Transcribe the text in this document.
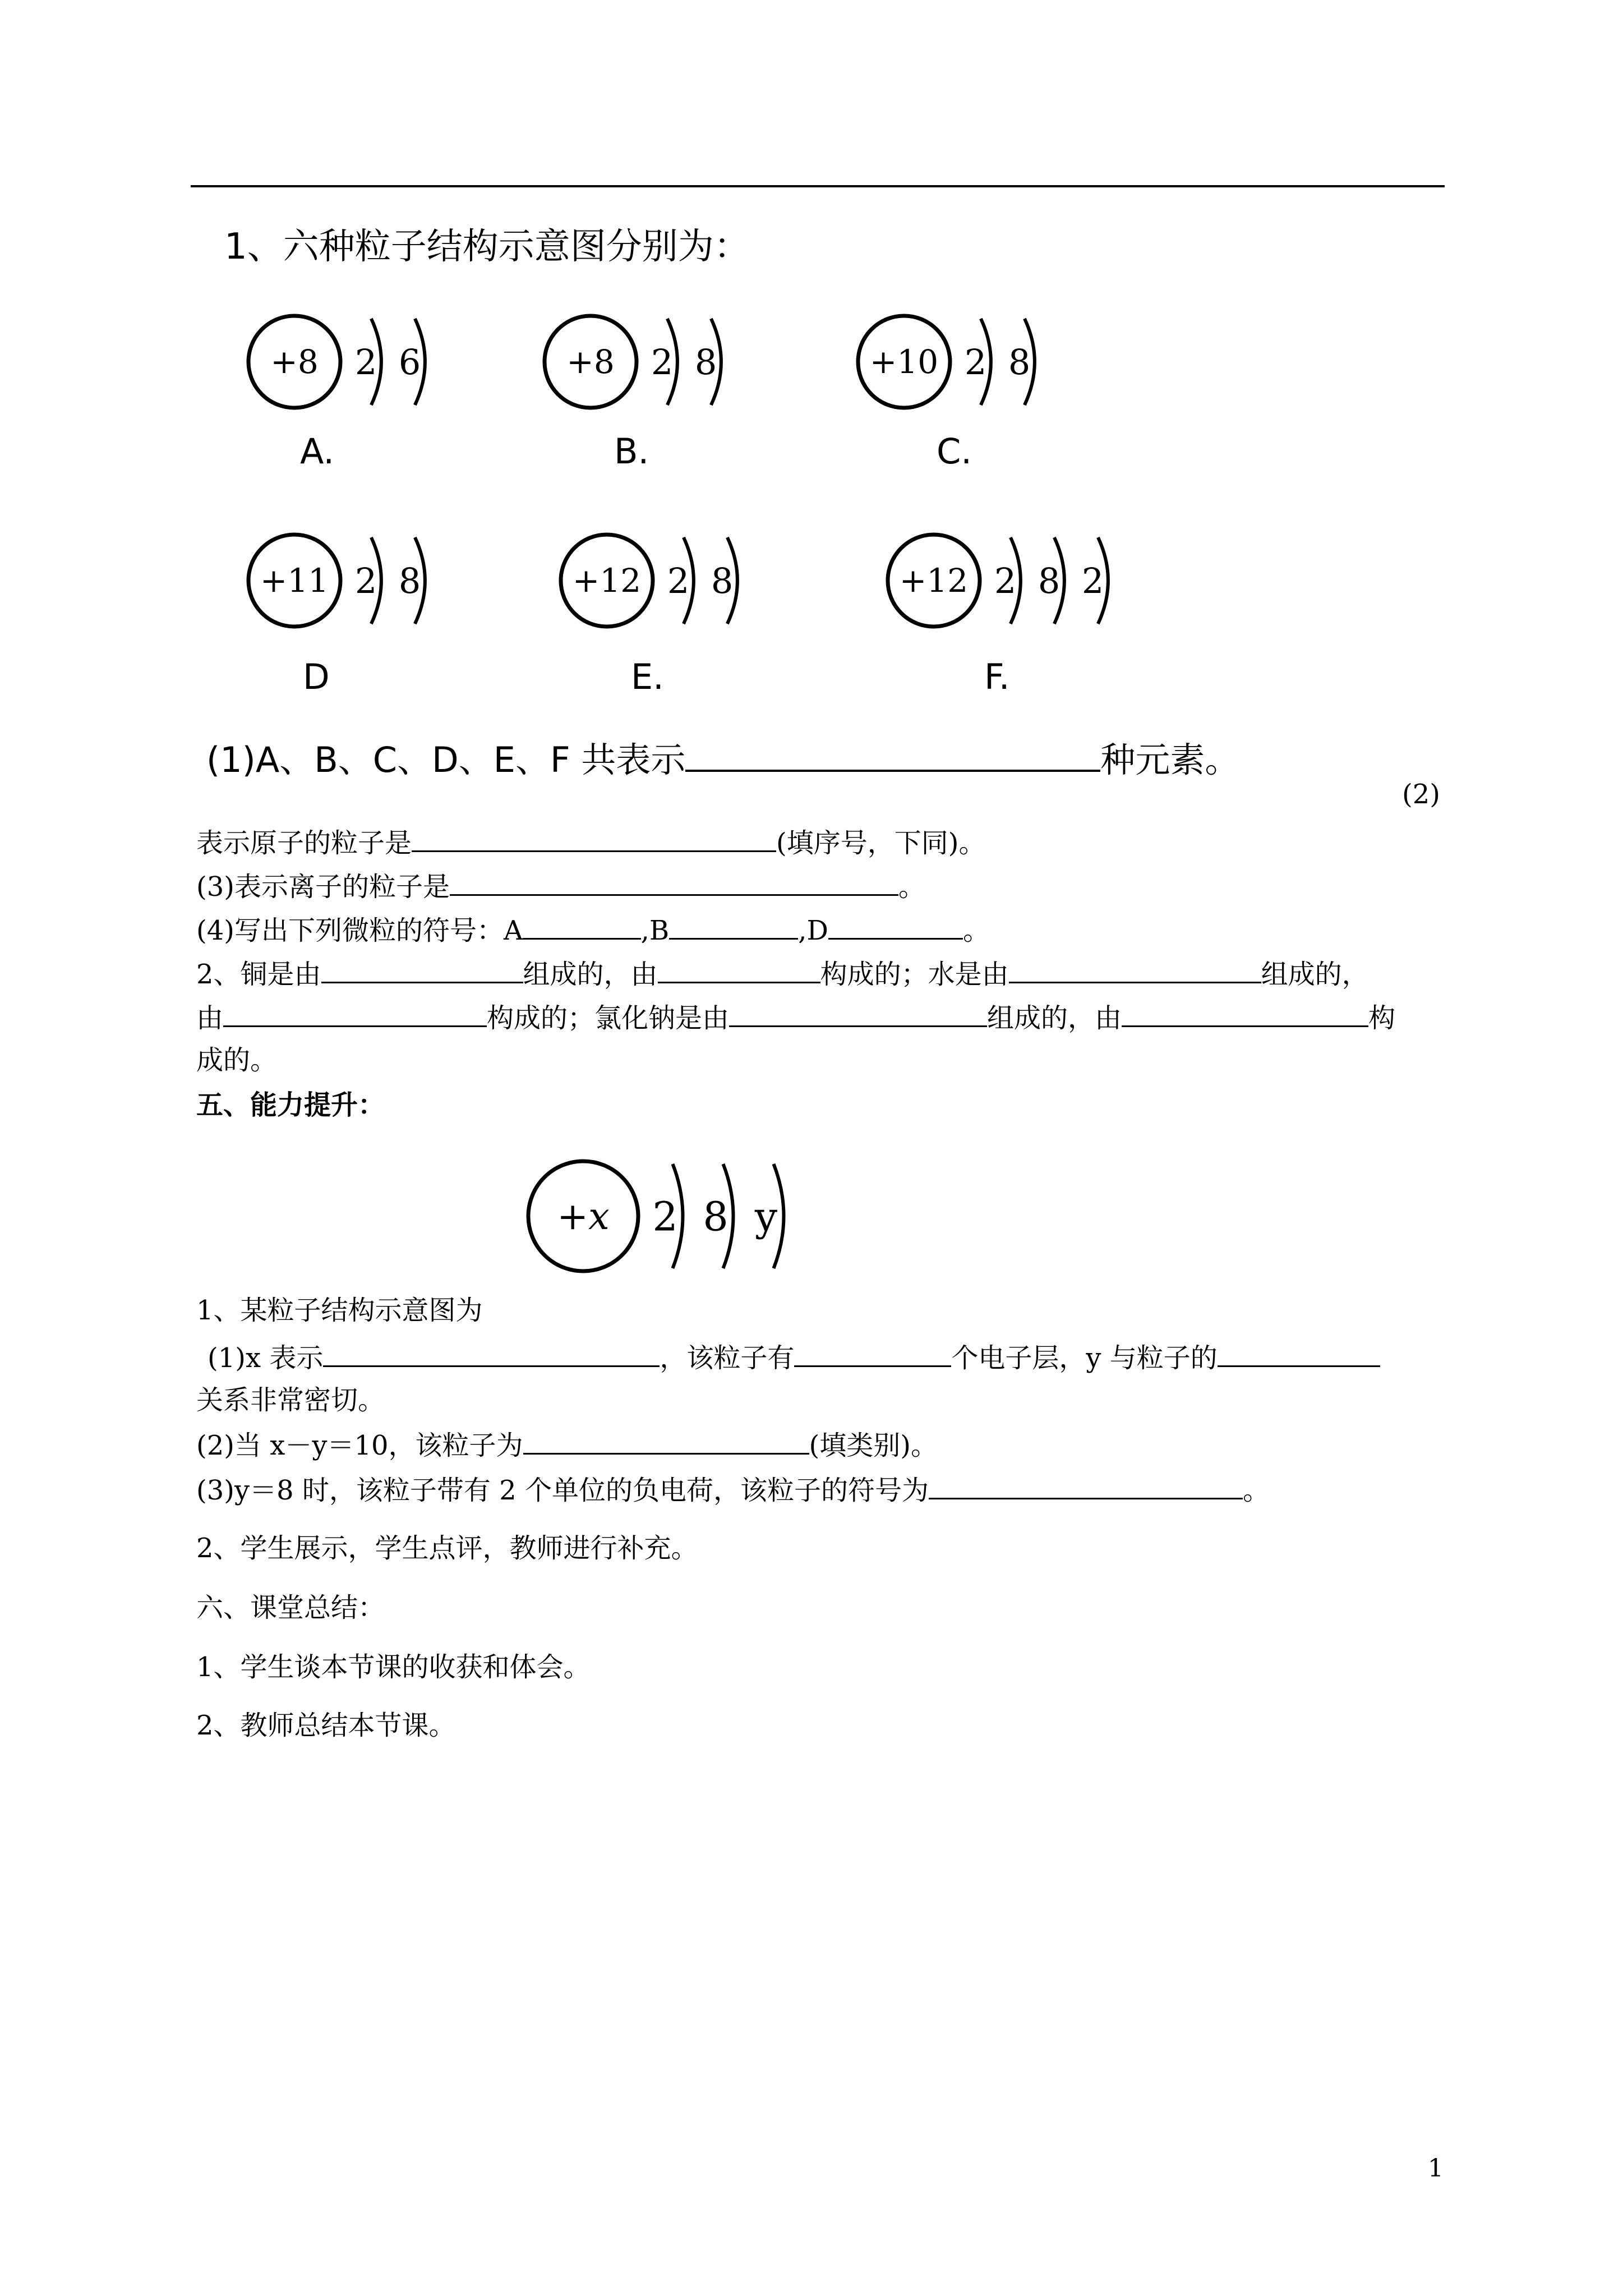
1、六种粒子结构示意图分别为：
+8 2 6
A.
+8 2 8
B.
+10 2 8
C.
+11 2 8
D
+12 2 8
E.
+12 2 8 2
F.
(1)A、B、C、D、E、F 共表示	种元素。
(2)
表示原子的粒子是	(填序号，下同)。
(3)表示离子的粒子是	。
(4)写出下列微粒的符号：A	,B	,D	。
2、铜是由	组成的，由	构成的；水是由	组成的，
由	构成的；氯化钠是由	组成的，由	构
成的。
五、能力提升：
+x 2 8 y
1、某粒子结构示意图为
(1)x 表示	，该粒子有	个电子层，y 与粒子的
关系非常密切。
(2)当 x－y＝10，该粒子为	(填类别)。
(3)y＝8 时，该粒子带有 2 个单位的负电荷，该粒子的符号为	。
2、学生展示，学生点评，教师进行补充。
六、课堂总结：
1、学生谈本节课的收获和体会。
2、教师总结本节课。
1
